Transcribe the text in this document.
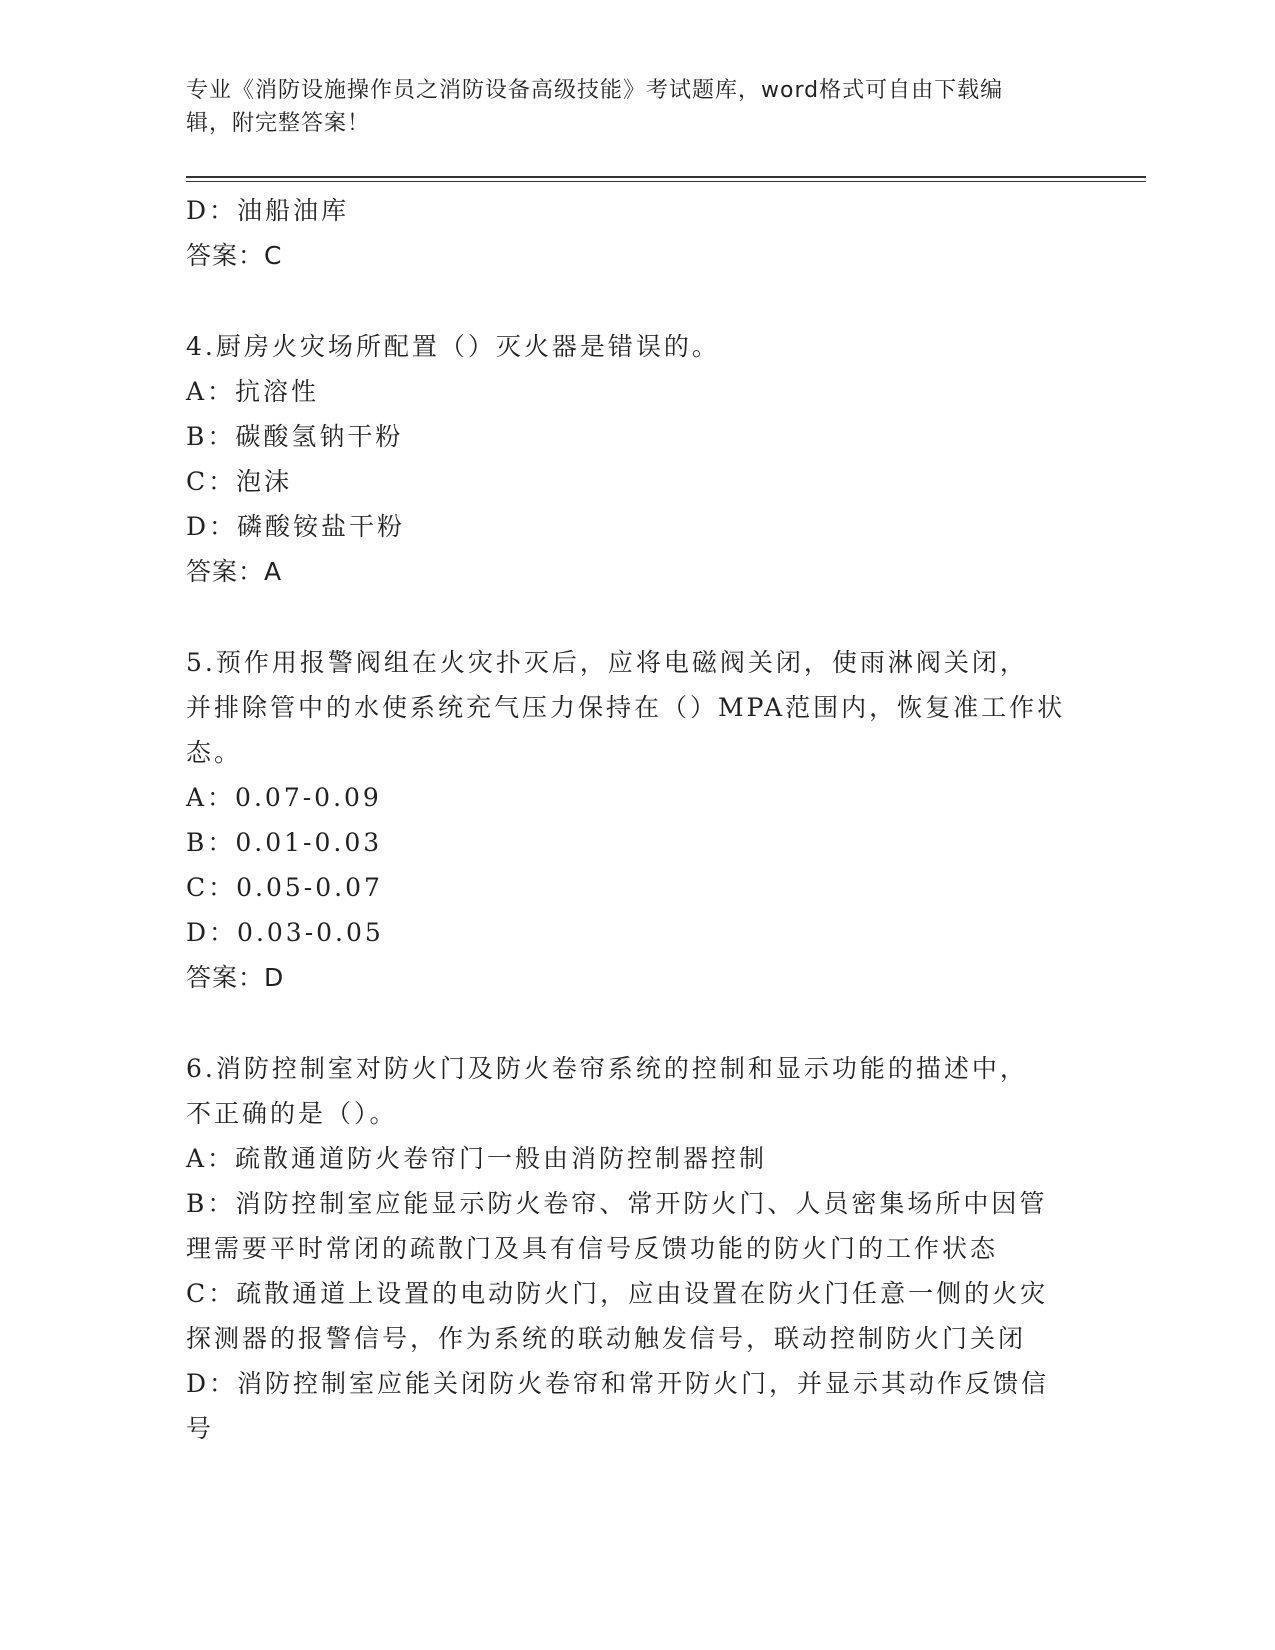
专业《消防设施操作员之消防设备高级技能》考试题库，word格式可自由下载编
辑，附完整答案！
D：油船油库
答案：C
4.厨房火灾场所配置（）灭火器是错误的。
A：抗溶性
B：碳酸氢钠干粉
C：泡沫
D：磷酸铵盐干粉
答案：A
5.预作用报警阀组在火灾扑灭后，应将电磁阀关闭，使雨淋阀关闭，
并排除管中的水使系统充气压力保持在（）MPA范围内，恢复准工作状
态。
A：0.07-0.09
B：0.01-0.03
C：0.05-0.07
D：0.03-0.05
答案：D
6.消防控制室对防火门及防火卷帘系统的控制和显示功能的描述中，
不正确的是（）。
A：疏散通道防火卷帘门一般由消防控制器控制
B：消防控制室应能显示防火卷帘、常开防火门、人员密集场所中因管
理需要平时常闭的疏散门及具有信号反馈功能的防火门的工作状态
C：疏散通道上设置的电动防火门，应由设置在防火门任意一侧的火灾
探测器的报警信号，作为系统的联动触发信号，联动控制防火门关闭
D：消防控制室应能关闭防火卷帘和常开防火门，并显示其动作反馈信
号
